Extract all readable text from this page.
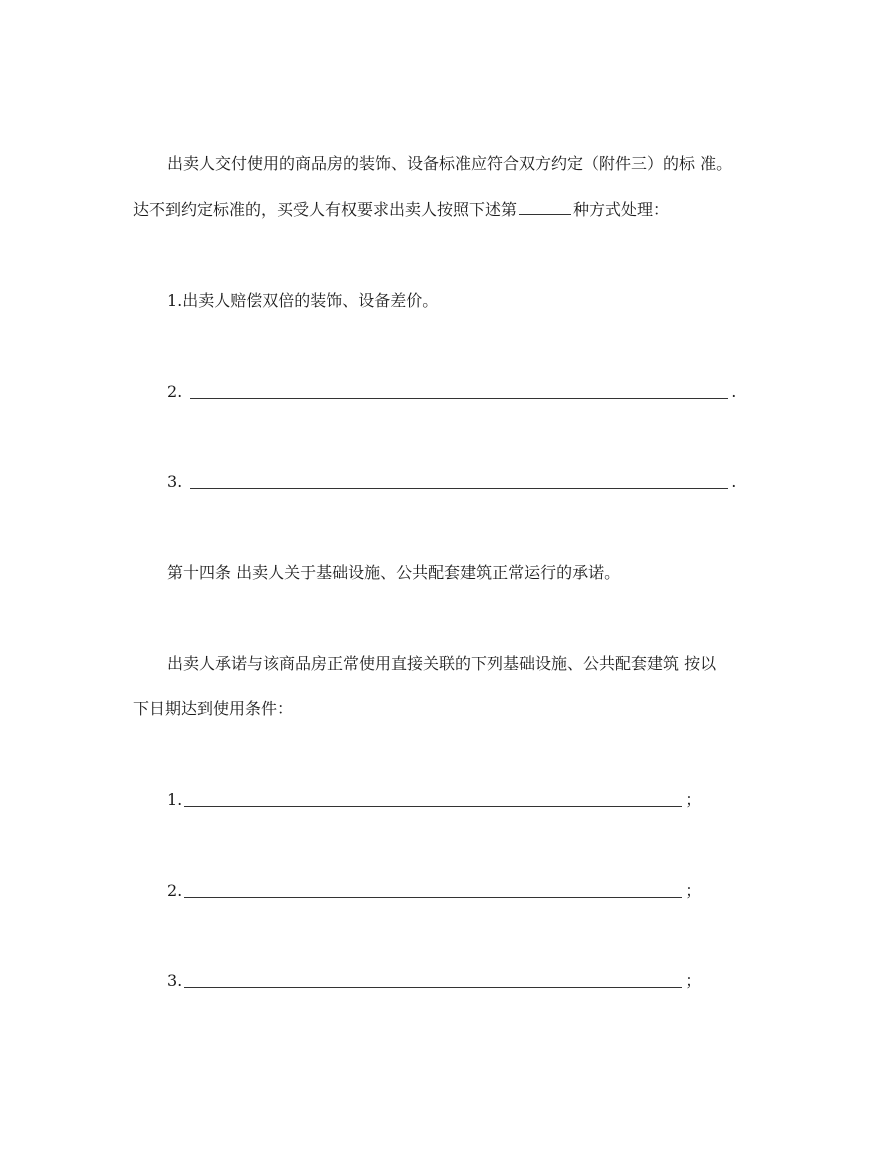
出卖人交付使用的商品房的装饰、设备标准应符合双方约定（附件三）的标 准。
达不到约定标准的，买受人有权要求出卖人按照下述第	种方式处理：
1.出卖人赔偿双倍的装饰、设备差价。
2.	.
3.	.
第十四条 出卖人关于基础设施、公共配套建筑正常运行的承诺。
出卖人承诺与该商品房正常使用直接关联的下列基础设施、公共配套建筑 按以
下日期达到使用条件：
1.	；
2.	；
3.	；
